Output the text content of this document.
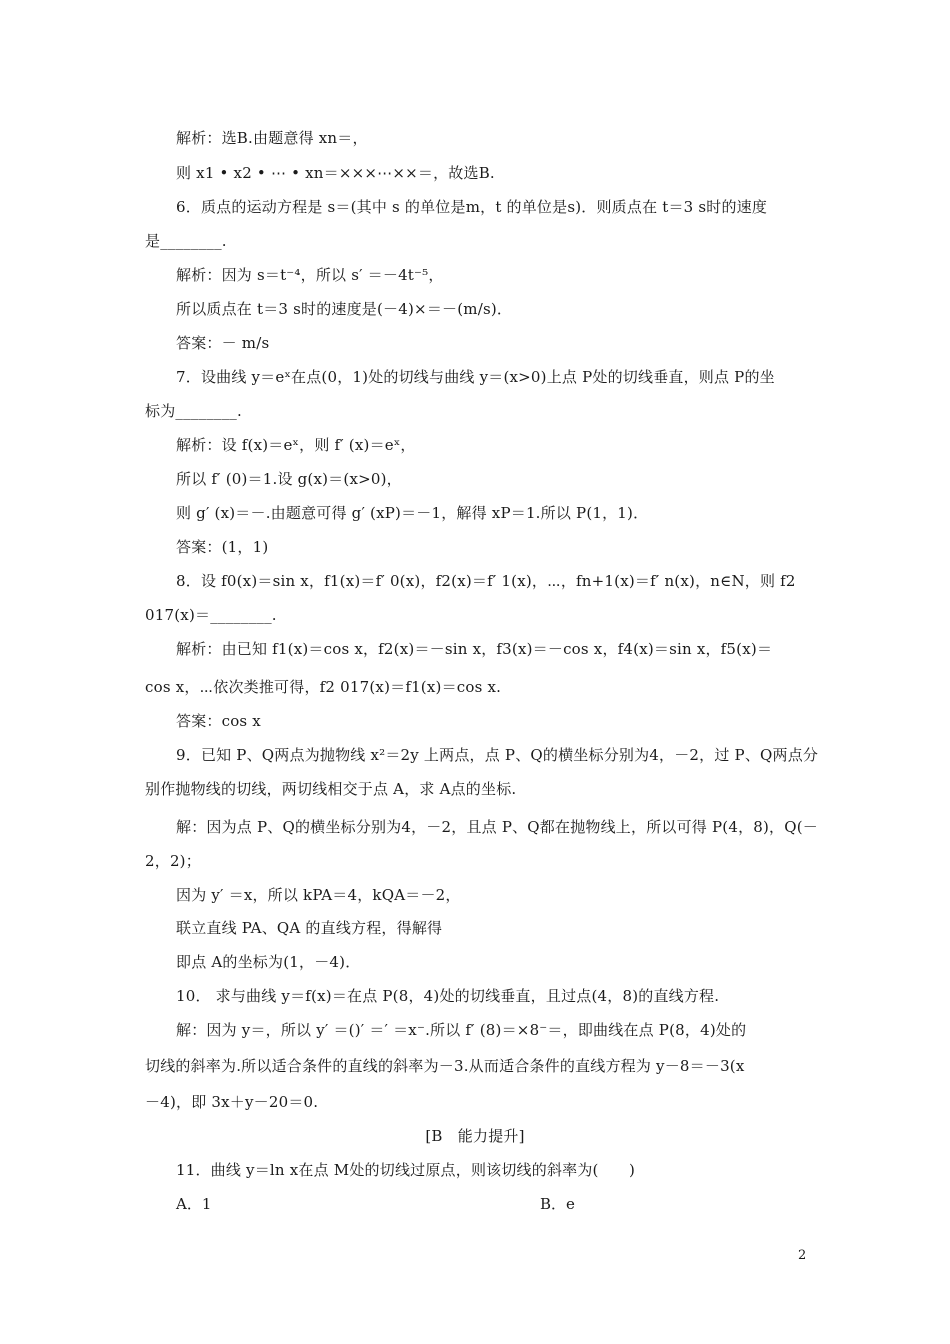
解析：选B.由题意得 xn＝，
则 x1 • x2 • ⋯ • xn＝×××⋯××＝，故选B.
6．质点的运动方程是 s＝(其中 s 的单位是m，t 的单位是s)．则质点在 t＝3 s时的速度
是________.
解析：因为 s＝t⁻⁴，所以 s′ ＝－4t⁻⁵，
所以质点在 t＝3 s时的速度是(－4)×＝－(m/s)．
答案：－ m/s
7．设曲线 y＝eˣ在点(0，1)处的切线与曲线 y＝(x>0)上点 P处的切线垂直，则点 P的坐
标为________.
解析：设 f(x)＝eˣ，则 f′ (x)＝eˣ，
所以 f′ (0)＝1.设 g(x)＝(x>0)，
则 g′ (x)＝－.由题意可得 g′ (xP)＝－1，解得 xP＝1.所以 P(1，1)．
答案：(1，1)
8．设 f0(x)＝sin x，f1(x)＝f′ 0(x)，f2(x)＝f′ 1(x)，⋯，fn+1(x)＝f′ n(x)，n∈N，则 f2
017(x)＝________.
解析：由已知 f1(x)＝cos x，f2(x)＝－sin x，f3(x)＝－cos x，f4(x)＝sin x，f5(x)＝
cos x，⋯依次类推可得，f2 017(x)＝f1(x)＝cos x.
答案：cos x
9．已知 P、Q两点为抛物线 x²＝2y 上两点，点 P、Q的横坐标分别为4，－2，过 P、Q两点分
别作抛物线的切线，两切线相交于点 A，求 A点的坐标.
解：因为点 P、Q的横坐标分别为4，－2，且点 P、Q都在抛物线上，所以可得 P(4，8)，Q(－
2，2)；
因为 y′ ＝x，所以 kPA＝4，kQA＝－2，
联立直线 PA、QA 的直线方程，得解得
即点 A的坐标为(1，－4)．
10． 求与曲线 y＝f(x)＝在点 P(8，4)处的切线垂直，且过点(4，8)的直线方程.
解：因为 y＝，所以 y′ ＝()′ ＝′ ＝x⁻.所以 f′ (8)＝×8⁻＝，即曲线在点 P(8，4)处的
切线的斜率为.所以适合条件的直线的斜率为－3.从而适合条件的直线方程为 y－8＝－3(x
－4)，即 3x＋y－20＝0.
[B　能力提升]
11．曲线 y＝ln x在点 M处的切线过原点，则该切线的斜率为(　　)
A．1	B．e
2
